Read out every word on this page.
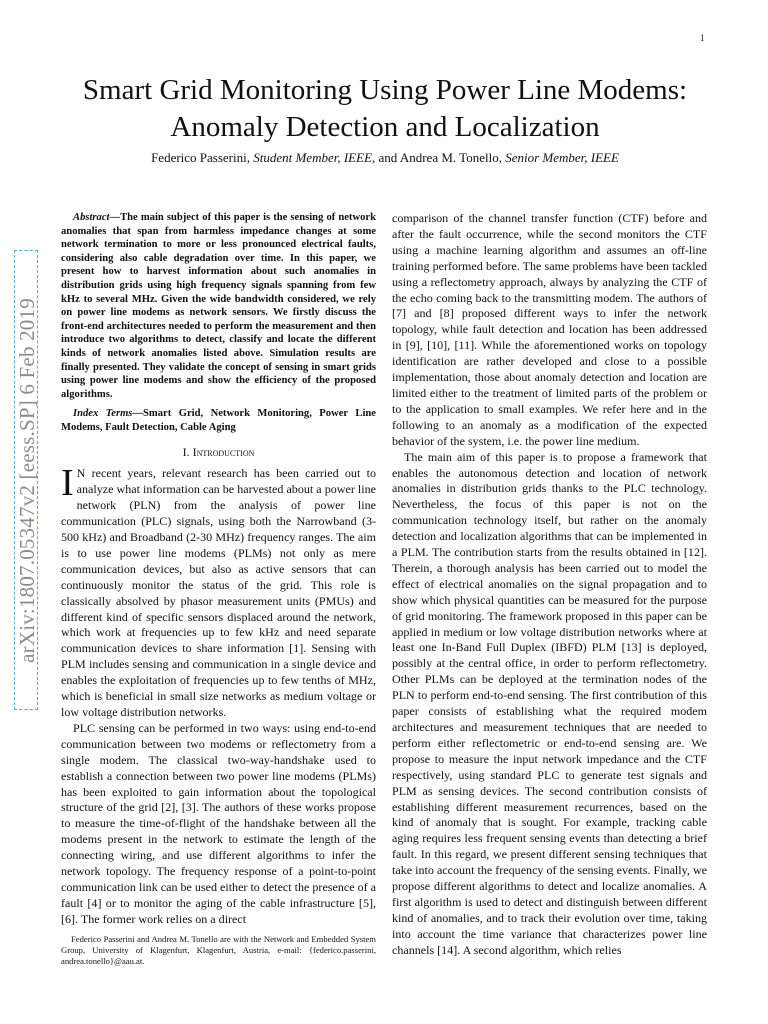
1
arXiv:1807.05347v2 [eess.SP] 6 Feb 2019
Smart Grid Monitoring Using Power Line Modems:
Anomaly Detection and Localization
Federico Passerini, Student Member, IEEE, and Andrea M. Tonello, Senior Member, IEEE

Abstract—The main subject of this paper is the sensing of network anomalies that span from harmless impedance changes at some network termination to more or less pronounced electrical faults, considering also cable degradation over time. In this paper, we present how to harvest information about such anomalies in distribution grids using high frequency signals spanning from few kHz to several MHz. Given the wide bandwidth considered, we rely on power line modems as network sensors. We firstly discuss the front-end architectures needed to perform the measurement and then introduce two algorithms to detect, classify and locate the different kinds of network anomalies listed above. Simulation results are finally presented. They validate the concept of sensing in smart grids using power line modems and show the efficiency of the proposed algorithms.

Index Terms—Smart Grid, Network Monitoring, Power Line Modems, Fault Detection, Cable Aging

I. Introduction

I N recent years, relevant research has been carried out to analyze what information can be harvested about a power line network (PLN) from the analysis of power line communication (PLC) signals, using both the Narrowband (3-500 kHz) and Broadband (2-30 MHz) frequency ranges. The aim is to use power line modems (PLMs) not only as mere communication devices, but also as active sensors that can continuously monitor the status of the grid. This role is classically absolved by phasor measurement units (PMUs) and different kind of specific sensors displaced around the network, which work at frequencies up to few kHz and need separate communication devices to share information [1]. Sensing with PLM includes sensing and communication in a single device and enables the exploitation of frequencies up to few tenths of MHz, which is beneficial in small size networks as medium voltage or low voltage distribution networks.

PLC sensing can be performed in two ways: using end-to-end communication between two modems or reflectometry from a single modem. The classical two-way-handshake used to establish a connection between two power line modems (PLMs) has been exploited to gain information about the topological structure of the grid [2], [3]. The authors of these works propose to measure the time-of-flight of the handshake between all the modems present in the network to estimate the length of the connecting wiring, and use different algorithms to infer the network topology. The frequency response of a point-to-point communication link can be used either to detect the presence of a fault [4] or to monitor the aging of the cable infrastructure [5], [6]. The former work relies on a direct

Federico Passerini and Andrea M. Tonello are with the Network and Embedded System Group, University of Klagenfurt, Klagenfurt, Austria, e-mail: {federico.passerini, andrea.tonello}@aau.at.

comparison of the channel transfer function (CTF) before and after the fault occurrence, while the second monitors the CTF using a machine learning algorithm and assumes an off-line training performed before. The same problems have been tackled using a reflectometry approach, always by analyzing the CTF of the echo coming back to the transmitting modem. The authors of [7] and [8] proposed different ways to infer the network topology, while fault detection and location has been addressed in [9], [10], [11]. While the aforementioned works on topology identification are rather developed and close to a possible implementation, those about anomaly detection and location are limited either to the treatment of limited parts of the problem or to the application to small examples. We refer here and in the following to an anomaly as a modification of the expected behavior of the system, i.e. the power line medium.

The main aim of this paper is to propose a framework that enables the autonomous detection and location of network anomalies in distribution grids thanks to the PLC technology. Nevertheless, the focus of this paper is not on the communication technology itself, but rather on the anomaly detection and localization algorithms that can be implemented in a PLM. The contribution starts from the results obtained in [12]. Therein, a thorough analysis has been carried out to model the effect of electrical anomalies on the signal propagation and to show which physical quantities can be measured for the purpose of grid monitoring. The framework proposed in this paper can be applied in medium or low voltage distribution networks where at least one In-Band Full Duplex (IBFD) PLM [13] is deployed, possibly at the central office, in order to perform reflectometry. Other PLMs can be deployed at the termination nodes of the PLN to perform end-to-end sensing. The first contribution of this paper consists of establishing what the required modem architectures and measurement techniques that are needed to perform either reflectometric or end-to-end sensing are. We propose to measure the input network impedance and the CTF respectively, using standard PLC to generate test signals and PLM as sensing devices. The second contribution consists of establishing different measurement recurrences, based on the kind of anomaly that is sought. For example, tracking cable aging requires less frequent sensing events than detecting a brief fault. In this regard, we present different sensing techniques that take into account the frequency of the sensing events. Finally, we propose different algorithms to detect and localize anomalies. A first algorithm is used to detect and distinguish between different kind of anomalies, and to track their evolution over time, taking into account the time variance that characterizes power line channels [14]. A second algorithm, which relies
